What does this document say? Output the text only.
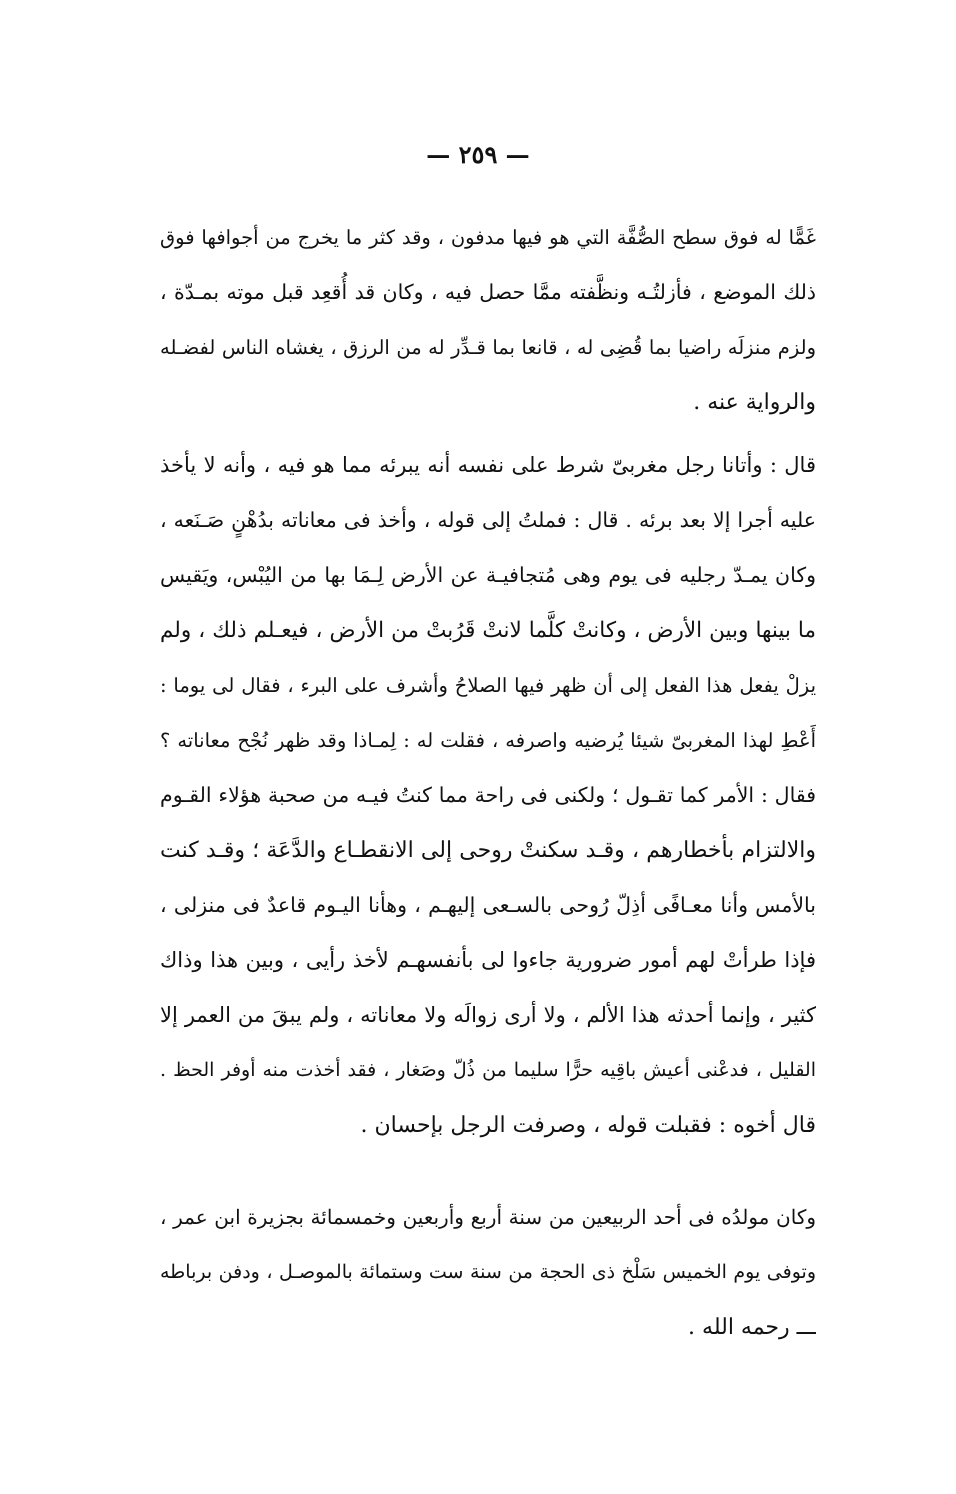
— ٢٥٩ —
غَمًّا له فوق سطح الصُّفَّة التي هو فيها مدفون ، وقد كثر ما يخرج من أجوافها فوق
ذلك الموضع ، فأزلتُـه ونظَّفته ممَّا حصل فيه ، وكان قد أُقعِد قبل موته بمـدّة ،
ولزم منزلَه راضيا بما قُضِى له ، قانعا بما قـدِّر له من الرزق ، يغشاه الناس لفضـله
والرواية عنه .
قال : وأتانا رجل مغربىّ شرط على نفسه أنه يبرئه مما هو فيه ، وأنه لا يأخذ
عليه أجرا إلا بعد برئه . قال : فملتُ إلى قوله ، وأخذ فى معاناته بدُهْنٍ صَـنَعه ،
وكان يمـدّ رجليه فى يوم وهى مُتجافيـة عن الأرض لِـمَا بها من اليُبْس، ويَقيس
ما بينها وبين الأرض ، وكانتْ كلَّما لانتْ قَرُبتْ من الأرض ، فيعـلم ذلك ، ولم
يزلْ يفعل هذا الفعل إلى أن ظهر فيها الصلاحُ وأشرف على البرء ، فقال لى يوما :
أَعْطِ لهذا المغربىّ شيئا يُرضيه واصرفه ، فقلت له : لِمـاذا وقد ظهر نُجْح معاناته ؟
فقال : الأمر كما تقـول ؛ ولكنى فى راحة مما كنتُ فيـه من صحبة هؤلاء القـوم
والالتزام بأخطارهم ، وقـد سكنتْ روحى إلى الانقطـاع والدَّعَة ؛ وقـد كنت
بالأمس وأنا معـافًى أذِلّ رُوحى بالسـعى إليهـم ، وهأنا اليـوم قاعدٌ فى منزلى ،
فإذا طرأتْ لهم أمور ضرورية جاءوا لى بأنفسهـم لأخذ رأيى ، وبين هذا وذاك
كثير ، وإنما أحدثه هذا الألم ، ولا أرى زوالَه ولا معاناته ، ولم يبقَ من العمر إلا
القليل ، فدعْنى أعيش باقِيه حرًّا سليما من ذُلّ وصَغار ، فقد أخذت منه أوفر الحظ .
قال أخوه : فقبلت قوله ، وصرفت الرجل بإحسان .
وكان مولدُه فى أحد الربيعين من سنة أربع وأربعين وخمسمائة بجزيرة ابن عمر ،
وتوفى يوم الخميس سَلْخ ذى الحجة من سنة ست وستمائة بالموصـل ، ودفن برباطه
ـــ رحمه الله .
